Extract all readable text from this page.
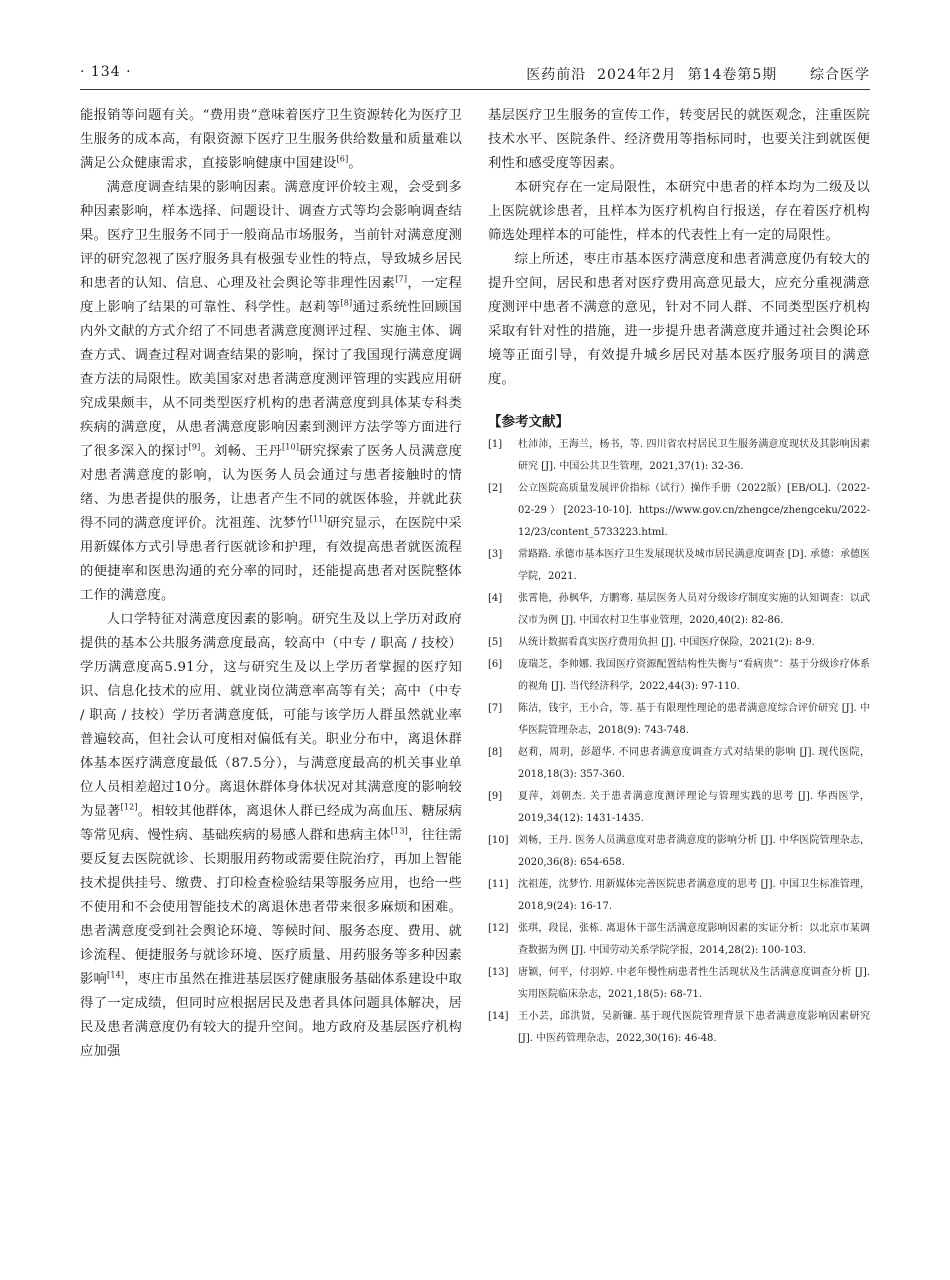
· 134 ·	医药前沿  2024年2月  第14卷第5期      综合医学

能报销等问题有关。“费用贵”意味着医疗卫生资源转化为医疗卫生服务的成本高，有限资源下医疗卫生服务供给数量和质量难以满足公众健康需求，直接影响健康中国建设[6]。

满意度调查结果的影响因素。满意度评价较主观，会受到多种因素影响，样本选择、问题设计、调查方式等均会影响调查结果。医疗卫生服务不同于一般商品市场服务，当前针对满意度测评的研究忽视了医疗服务具有极强专业性的特点，导致城乡居民和患者的认知、信息、心理及社会舆论等非理性因素[7]，一定程度上影响了结果的可靠性、科学性。赵莉等[8]通过系统性回顾国内外文献的方式介绍了不同患者满意度测评过程、实施主体、调查方式、调查过程对调查结果的影响，探讨了我国现行满意度调查方法的局限性。欧美国家对患者满意度测评管理的实践应用研究成果颇丰，从不同类型医疗机构的患者满意度到具体某专科类疾病的满意度，从患者满意度影响因素到测评方法学等方面进行了很多深入的探讨[9]。刘畅、王丹[10]研究探索了医务人员满意度对患者满意度的影响，认为医务人员会通过与患者接触时的情绪、为患者提供的服务，让患者产生不同的就医体验，并就此获得不同的满意度评价。沈祖莲、沈梦竹[11]研究显示，在医院中采用新媒体方式引导患者行医就诊和护理，有效提高患者就医流程的便捷率和医患沟通的充分率的同时，还能提高患者对医院整体工作的满意度。

人口学特征对满意度因素的影响。研究生及以上学历对政府提供的基本公共服务满意度最高，较高中（中专 / 职高 / 技校）学历满意度高5.91分，这与研究生及以上学历者掌握的医疗知识、信息化技术的应用、就业岗位满意率高等有关；高中（中专 / 职高 / 技校）学历者满意度低，可能与该学历人群虽然就业率普遍较高，但社会认可度相对偏低有关。职业分布中，离退休群体基本医疗满意度最低（87.5分），与满意度最高的机关事业单位人员相差超过10分。离退休群体身体状况对其满意度的影响较为显著[12]。相较其他群体，离退休人群已经成为高血压、糖尿病等常见病、慢性病、基础疾病的易感人群和患病主体[13]，往往需要反复去医院就诊、长期服用药物或需要住院治疗，再加上智能技术提供挂号、缴费、打印检查检验结果等服务应用，也给一些不使用和不会使用智能技术的离退休患者带来很多麻烦和困难。患者满意度受到社会舆论环境、等候时间、服务态度、费用、就诊流程、便捷服务与就诊环境、医疗质量、用药服务等多种因素影响[14]，枣庄市虽然在推进基层医疗健康服务基础体系建设中取得了一定成绩，但同时应根据居民及患者具体问题具体解决，居民及患者满意度仍有较大的提升空间。地方政府及基层医疗机构应加强

基层医疗卫生服务的宣传工作，转变居民的就医观念，注重医院技术水平、医院条件、经济费用等指标同时，也要关注到就医便利性和感受度等因素。

本研究存在一定局限性，本研究中患者的样本均为二级及以上医院就诊患者，且样本为医疗机构自行报送，存在着医疗机构筛选处理样本的可能性，样本的代表性上有一定的局限性。

综上所述，枣庄市基本医疗满意度和患者满意度仍有较大的提升空间，居民和患者对医疗费用高意见最大，应充分重视满意度测评中患者不满意的意见，针对不同人群、不同类型医疗机构采取有针对性的措施，进一步提升患者满意度并通过社会舆论环境等正面引导，有效提升城乡居民对基本医疗服务项目的满意度。

【参考文献】
[1]	杜沛沛，王海兰，杨书，等. 四川省农村居民卫生服务满意度现状及其影响因素研究 [J]. 中国公共卫生管理，2021,37(1): 32-36.
[2]	公立医院高质量发展评价指标（试行）操作手册（2022版）[EB/OL].（2022-02-29）[2023-10-10]. https://www.gov.cn/zhengce/zhengceku/2022-12/23/content_5733223.html.
[3]	常路路. 承德市基本医疗卫生发展现状及城市居民满意度调查 [D]. 承德：承德医学院，2021.
[4]	张霄艳，孙枫华，方鹏骞. 基层医务人员对分级诊疗制度实施的认知调查：以武汉市为例 [J]. 中国农村卫生事业管理，2020,40(2): 82-86.
[5]	从统计数据看真实医疗费用负担 [J]. 中国医疗保险，2021(2): 8-9.
[6]	庞瑞芝，李帅娜. 我国医疗资源配置结构性失衡与“看病贵”：基于分级诊疗体系的视角 [J]. 当代经济科学，2022,44(3): 97-110.
[7]	陈洁，钱宇，王小合，等. 基于有限理性理论的患者满意度综合评价研究 [J]. 中华医院管理杂志，2018(9): 743-748.
[8]	赵莉，周玥，彭超华. 不同患者满意度调查方式对结果的影响 [J]. 现代医院，2018,18(3): 357-360.
[9]	夏萍，刘朝杰. 关于患者满意度测评理论与管理实践的思考 [J]. 华西医学，2019,34(12): 1431-1435.
[10] 刘畅，王丹. 医务人员满意度对患者满意度的影响分析 [J]. 中华医院管理杂志，2020,36(8): 654-658.
[11] 沈祖莲，沈梦竹. 用新媒体完善医院患者满意度的思考 [J]. 中国卫生标准管理，2018,9(24): 16-17.
[12] 张琪，段昆，张栋. 离退休干部生活满意度影响因素的实证分析：以北京市某调查数据为例 [J]. 中国劳动关系学院学报，2014,28(2): 100-103.
[13] 唐颖，何平，付羽婷. 中老年慢性病患者性生活现状及生活满意度调查分析 [J]. 实用医院临床杂志，2021,18(5): 68-71.
[14] 王小芸，邱洪贤，吴新镰. 基于现代医院管理背景下患者满意度影响因素研究 [J]. 中医药管理杂志，2022,30(16): 46-48.
